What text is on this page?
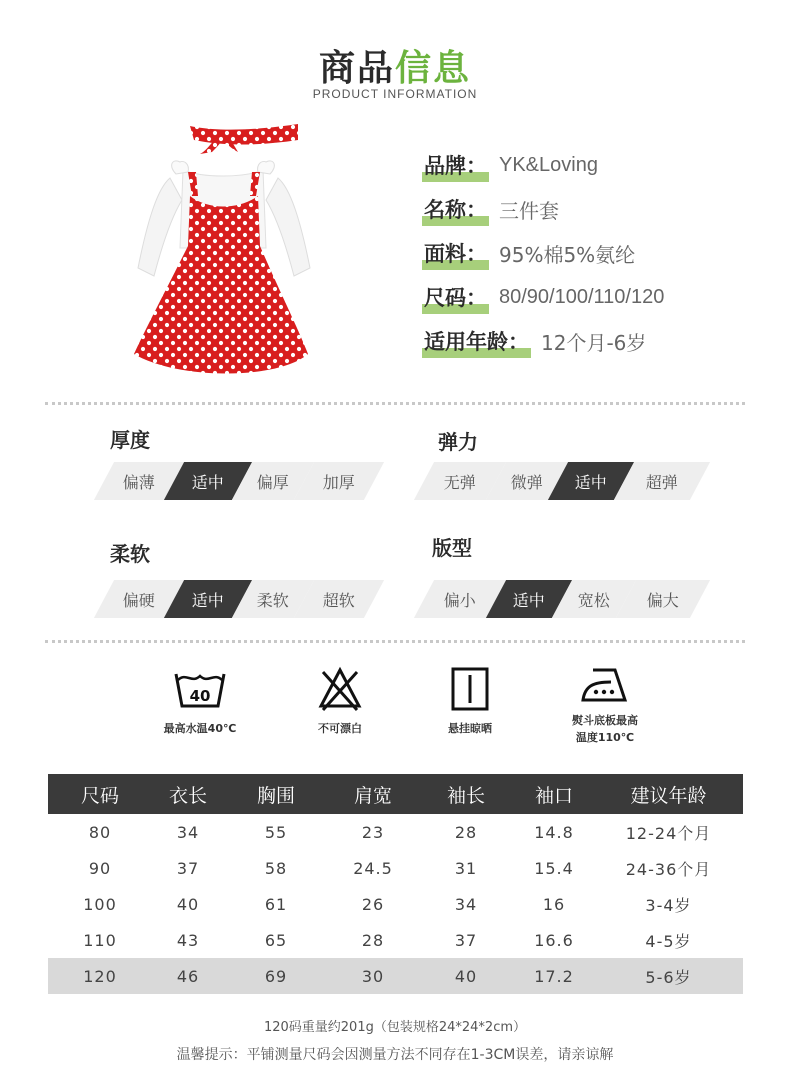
商品信息
PRODUCT INFORMATION
品牌： YK&Loving
名称： 三件套
面料： 95%棉5%氨纶
尺码： 80/90/100/110/120
适用年龄： 12个月-6岁
厚度
偏薄 适中 偏厚 加厚
弹力
无弹 微弹 适中 超弹
柔软
偏硬 适中 柔软 超软
版型
偏小 适中 宽松 偏大
40
最高水温40℃	不可漂白	悬挂晾晒
熨斗底板最高
温度110℃
尺码	衣长	胸围	肩宽	袖长	袖口	建议年龄
80	34	55	23	28	14.8	12-24个月
90	37	58	24.5	31	15.4	24-36个月
100	40	61	26	34	16	3-4岁
110	43	65	28	37	16.6	4-5岁
120	46	69	30	40	17.2	5-6岁
120码重量约201g（包装规格24*24*2cm）
温馨提示：平铺测量尺码会因测量方法不同存在1-3CM误差，请亲谅解
